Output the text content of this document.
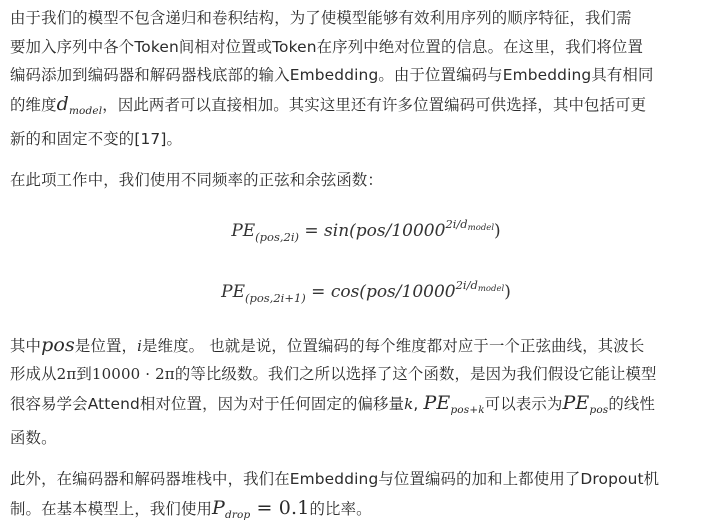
由于我们的模型不包含递归和卷积结构，为了使模型能够有效利用序列的顺序特征，我们需
要加入序列中各个Token间相对位置或Token在序列中绝对位置的信息。在这里，我们将位置
编码添加到编码器和解码器栈底部的输入Embedding。由于位置编码与Embedding具有相同
的维度$d_{model}$，因此两者可以直接相加。其实这里还有许多位置编码可供选择，其中包括可更
新的和固定不变的[17]。

在此项工作中，我们使用不同频率的正弦和余弦函数：

$PE_{(pos,2i)} = \sin(pos/10000^{2i/d_{model}})$
$PE_{(pos,2i+1)} = \cos(pos/10000^{2i/d_{model}})$

其中pos是位置，i是维度。 也就是说，位置编码的每个维度都对应于一个正弦曲线，其波长
形成从2π到10000 · 2π的等比级数。我们之所以选择了这个函数，是因为我们假设它能让模型
很容易学会Attend相对位置，因为对于任何固定的偏移量k, $PE_{pos+k}$可以表示为$PE_{pos}$的线性
函数。

此外，在编码器和解码器堆栈中，我们在Embedding与位置编码的加和上都使用了Dropout机
制。在基本模型上，我们使用$P_{drop} = 0.1$的比率。
